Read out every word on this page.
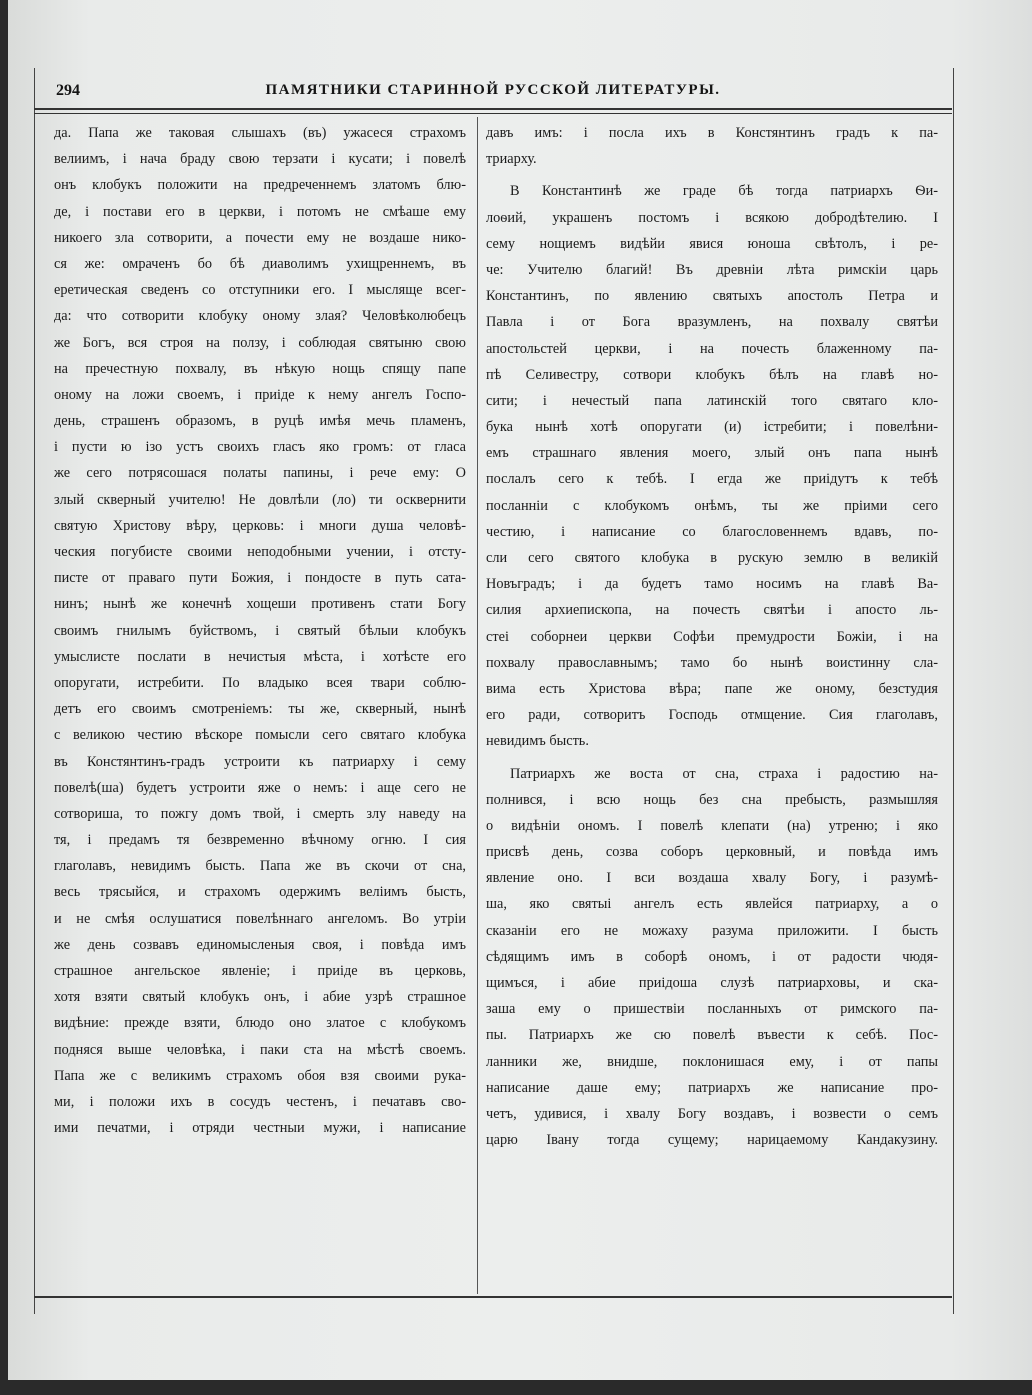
294	ПАМЯТНИКИ СТАРИННОЙ РУССКОЙ ЛИТЕРАТУРЫ.
да. Папа же таковая слышахъ (въ) ужасеся страхомъ
велиимъ, і нача браду свою терзати і кусати; і повелѣ
онъ клобукъ положити на предреченнемъ златомъ блю-
де, і постави его в церкви, і потомъ не смѣаше ему
никоего зла сотворити, а почести ему не воздаше нико-
ся же: омраченъ бо бѣ диаволимъ ухищреннемъ, въ
еретическая сведенъ со отступники его. І мыслящe всег-
да: что сотворити клобуку оному злая? Человѣколюбецъ
же Богъ, вся строя на ползу, і соблюдая святыню свою
на пречестную похвалу, въ нѣкую нощь спящу папе
оному на ложи своемъ, і приіде к нему ангелъ Госпо-
день, страшенъ образомъ, в руцѣ имѣя мечь пламенъ,
і пусти ю ізо устъ своихъ гласъ яко громъ: от гласа
же сего потрясошася полаты папины, і рече ему: О
злый скверный учителю! Не довлѣли (ло) ти осквернити
святую Христову вѣру, церковь: і многи душа человѣ-
ческия погубисте своими неподобными учении, і отсту-
писте от праваго пути Божия, і пондосте в путь сата-
нинъ; нынѣ же конечнѣ хощеши противенъ стати Богу
своимъ гнилымъ буйствомъ, і святый бѣлыи клобукъ
умыслисте послати в нечистыя мѣста, і хотѣсте его
опоругати, истребити. По владыко всея твари соблю-
детъ его своимъ смотренiемъ: ты же, скверный, нынѣ
с великою честию вѣскоре помысли сего святаго клобука
въ Констянтинъ-градъ устроити къ патриарху і сему
повелѣ(ша) будетъ устроити яже о немъ: і аще сего не
сотвориша, то пожгу домъ твой, і смерть злу наведу на
тя, і предамъ тя безвременно вѣчному огню. І сия
глаголавъ, невидимъ бысть. Папа же въ скочи от сна,
весь трясыйся, и страхомъ одержимъ велiимъ бысть,
и не смѣя ослушатися повелѣннаго ангеломъ. Во утрiи
же день созвавъ единомысленыя своя, і повѣда имъ
страшное ангельское явленiе; і приіде въ церковь,
хотя взяти святый клобукъ онъ, і абие узрѣ страшное
видѣние: прежде взяти, блюдо оно златое с клобукомъ
подняся выше человѣка, і паки ста на мѣстѣ своемъ.
Папа же с великимъ страхомъ обоя взя своими рука-
ми, і положи ихъ в сосудъ честенъ, і печатавъ сво-
ими печатми, і отряди честныи мужи, і написание
давъ имъ: і посла ихъ в Констянтинъ градъ к па-
триарху.
В Константинѣ же граде бѣ тогда патриархъ Ѳи-
лоѳий, украшенъ постомъ і всякою добродѣтелию. І
сему нощиемъ видѣйи явися юноша свѣтолъ, і ре-
че: Учителю благий! Въ древнiи лѣта римскiи царь
Константинъ, по явлению святыхъ апостолъ Петра и
Павла і от Бога вразумленъ, на похвалу святѣи
апостольстей церкви, і на почесть блаженному па-
пѣ Селивестру, сотвори клобукъ бѣлъ на главѣ но-
сити; і нечестый папа латинскiй того святаго кло-
бука нынѣ хотѣ опоругати (и) істребити; і повелѣни-
емъ страшнаго явления моего, злый онъ папа нынѣ
послалъ сего к тебѣ. І егда же приідутъ к тебѣ
посланнiи с клобукомъ онѣмъ, ты же пріими сего
честию, і написание со благословеннемъ вдавъ, по-
сли сего святого клобука в рускую землю в великiй
Новъградъ; і да будетъ тамо носимъ на главѣ Ва-
силия архиепископа, на почесть святѣи і апосто ль-
стеі соборнеи церкви Софѣи премудрости Божiи, і на
похвалу православнымъ; тамо бо нынѣ воистинну сла-
вима есть Христова вѣра; папе же оному, безстудия
его ради, сотворитъ Господь отмщение. Сия глаголавъ,
невидимъ бысть.
Патриархъ же воста от сна, страха і радостию на-
полнився, і всю нощь без сна пребысть, размышляя
о видѣнiи ономъ. І повелѣ клепати (на) утреню; і яко
присвѣ день, созва соборъ церковный, и повѣда имъ
явление оно. І вси воздаша хвалу Богу, і разумѣ-
ша, яко святыі ангелъ есть явлейся патриарху, а о
сказанiи его не можаху разума приложити. І бысть
сѣдящимъ имъ в соборѣ ономъ, і от радости чюдя-
щимъся, і абие приідоша слузѣ патриарховы, и ска-
заша ему о пришествiи посланныхъ от римского па-
пы. Патриархъ же сю повелѣ въвести к себѣ. Пос-
ланники же, внидше, поклонишася ему, і от папы
написание даше ему; патриархъ же написание про-
четъ, удивися, і хвалу Богу воздавъ, і возвести о семъ
царю Івану тогда сущему; нарицаемому Кандакузину.
